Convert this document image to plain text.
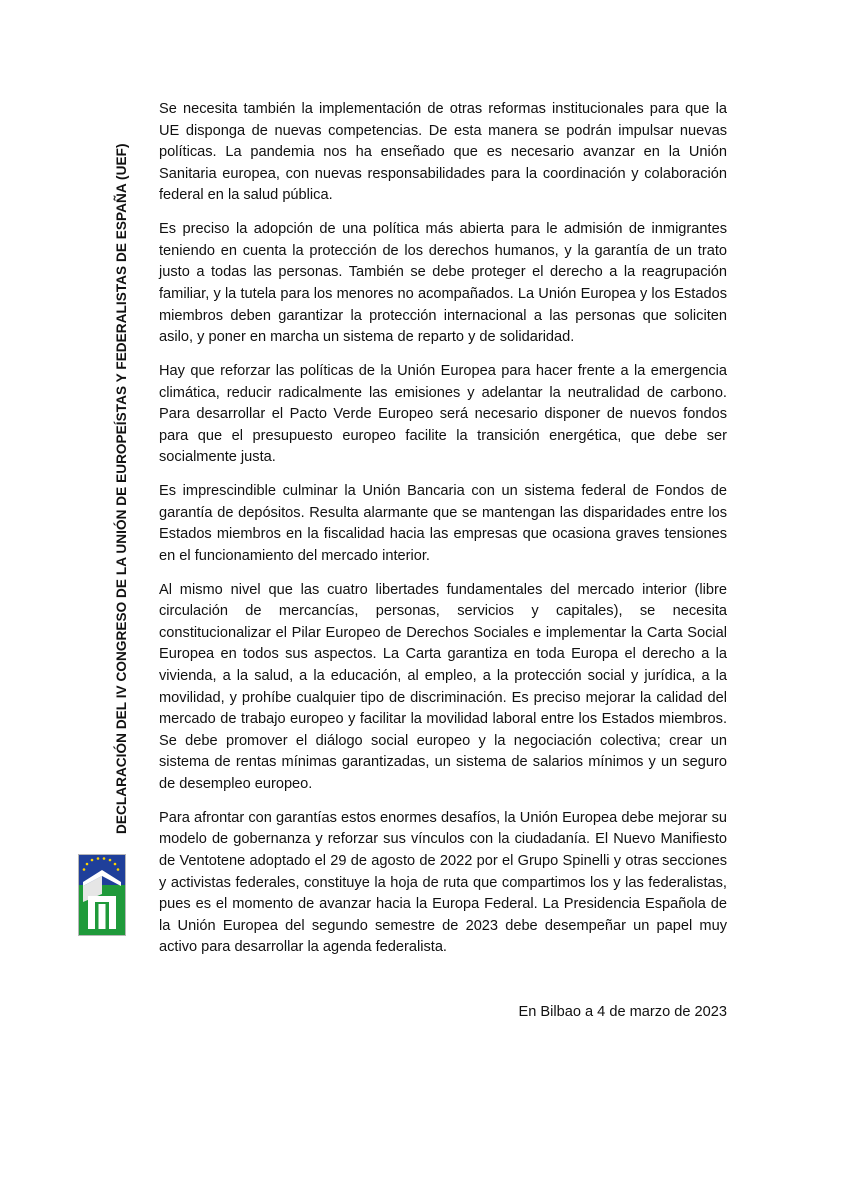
DECLARACIÓN DEL IV CONGRESO DE LA UNIÓN DE EUROPEÍSTAS Y FEDERALISTAS DE ESPAÑA (UEF)

Se necesita también la implementación de otras reformas institucionales para que la UE disponga de nuevas competencias. De esta manera se podrán impulsar nuevas políticas. La pandemia nos ha enseñado que es necesario avanzar en la Unión Sanitaria europea, con nuevas responsabilidades para la coordinación y colaboración federal en la salud pública.

Es preciso la adopción de una política más abierta para le admisión de inmigrantes teniendo en cuenta la protección de los derechos humanos, y la garantía de un trato justo a todas las personas. También se debe proteger el derecho a la reagrupación familiar, y la tutela para los menores no acompañados. La Unión Europea y los Estados miembros deben garantizar la protección internacional a las personas que soliciten asilo, y poner en marcha un sistema de reparto y de solidaridad.

Hay que reforzar las políticas de la Unión Europea para hacer frente a la emergencia climática, reducir radicalmente las emisiones y adelantar la neutralidad de carbono. Para desarrollar el Pacto Verde Europeo será necesario disponer de nuevos fondos para que el presupuesto europeo facilite la transición energética, que debe ser socialmente justa.

Es imprescindible culminar la Unión Bancaria con un sistema federal de Fondos de garantía de depósitos. Resulta alarmante que se mantengan las disparidades entre los Estados miembros en la fiscalidad hacia las empresas que ocasiona graves tensiones en el funcionamiento del mercado interior.

Al mismo nivel que las cuatro libertades fundamentales del mercado interior (libre circulación de mercancías, personas, servicios y capitales), se necesita constitucionalizar el Pilar Europeo de Derechos Sociales e implementar la Carta Social Europea en todos sus aspectos. La Carta garantiza en toda Europa el derecho a la vivienda, a la salud, a la educación, al empleo, a la protección social y jurídica, a la movilidad, y prohíbe cualquier tipo de discriminación. Es preciso mejorar la calidad del mercado de trabajo europeo y facilitar la movilidad laboral entre los Estados miembros. Se debe promover el diálogo social europeo y la negociación colectiva; crear un sistema de rentas mínimas garantizadas, un sistema de salarios mínimos y un seguro de desempleo europeo.

Para afrontar con garantías estos enormes desafíos, la Unión Europea debe mejorar su modelo de gobernanza y reforzar sus vínculos con la ciudadanía. El Nuevo Manifiesto de Ventotene adoptado el 29 de agosto de 2022 por el Grupo Spinelli y otras secciones y activistas federales, constituye la hoja de ruta que compartimos los y las federalistas, pues es el momento de avanzar hacia la Europa Federal. La Presidencia Española de la Unión Europea del segundo semestre de 2023 debe desempeñar un papel muy activo para desarrollar la agenda federalista.

En Bilbao a 4 de marzo de 2023
